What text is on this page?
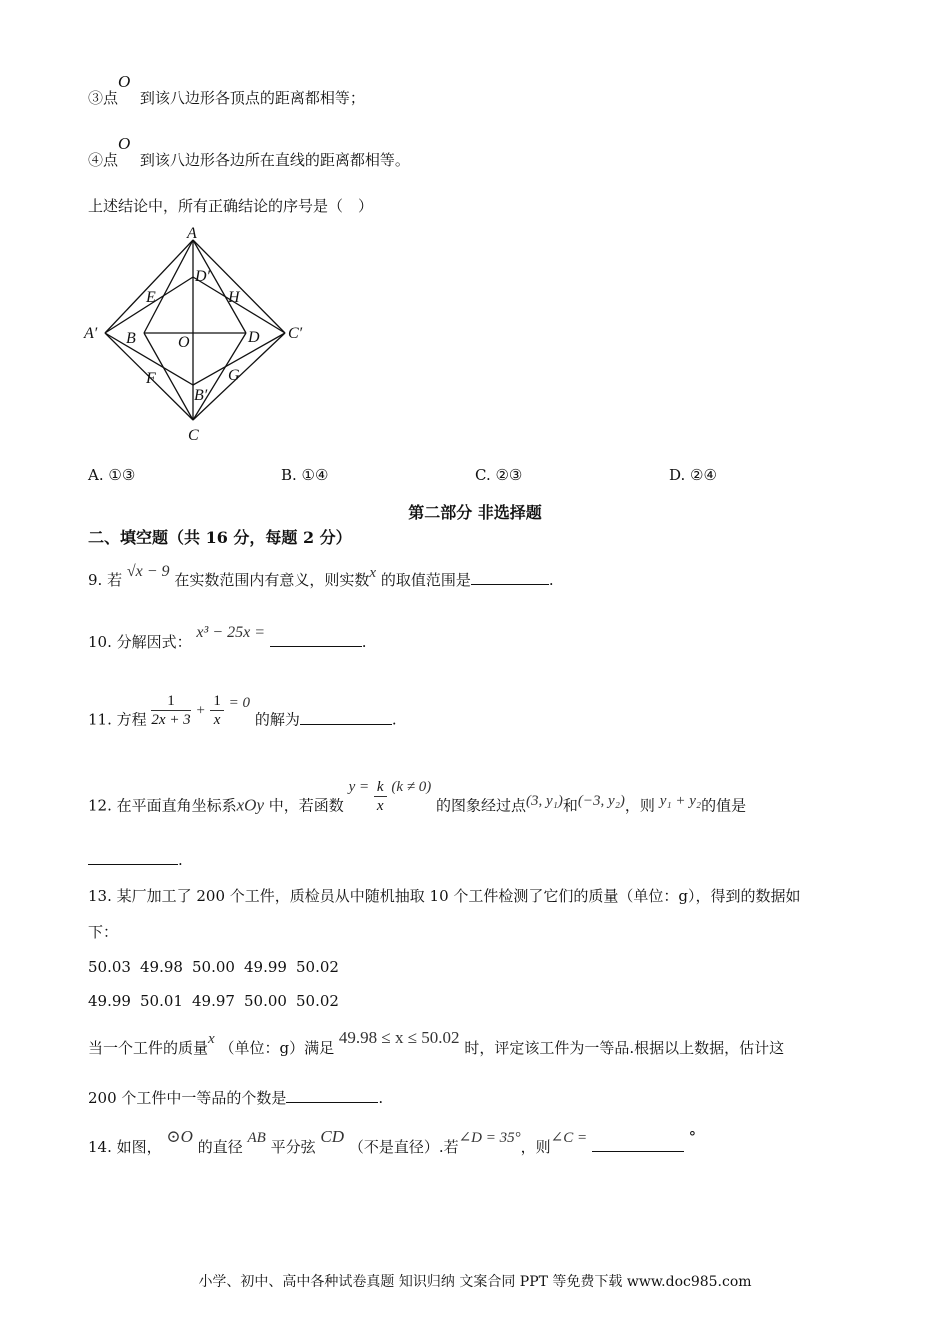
③点O  到该八边形各顶点的距离都相等；
④点O  到该八边形各边所在直线的距离都相等。
上述结论中，所有正确结论的序号是（　）
A
D′
E	H
A′ B	O	D C′
F	G
B′
C
A. ①③	B. ①④	C. ②③	D. ②④
第二部分 非选择题
二、填空题（共 16 分，每题 2 分）
9. 若 √x − 9 在实数范围内有意义，则实数x 的取值范围是	.
10. 分解因式： x³ − 25x = .
11. 方程 $\frac{1}{2x + 3} + \frac{1}{x} = 0$ 的解为	.
12. 在平面直角坐标系xOy 中，若函数 $y = \frac{k}{x} (k \ne 0)$ 的图象经过点(3, y₁)和(−3, y₂)，则 y₁ + y₂的值是
.
13. 某厂加工了 200 个工件，质检员从中随机抽取 10 个工件检测了它们的质量（单位：g），得到的数据如
下：
50.03 49.98 50.00 49.99 50.02
49.99 50.01 49.97 50.00 50.02
当一个工件的质量x （单位：g）满足 49.98 ≤ x ≤ 50.02 时，评定该工件为一等品.根据以上数据，估计这
200 个工件中一等品的个数是	.
14. 如图， ⊙O 的直径 AB 平分弦 CD （不是直径）.若∠D = 35°，则∠C =	°
小学、初中、高中各种试卷真题 知识归纳 文案合同 PPT 等免费下载 www.doc985.com
